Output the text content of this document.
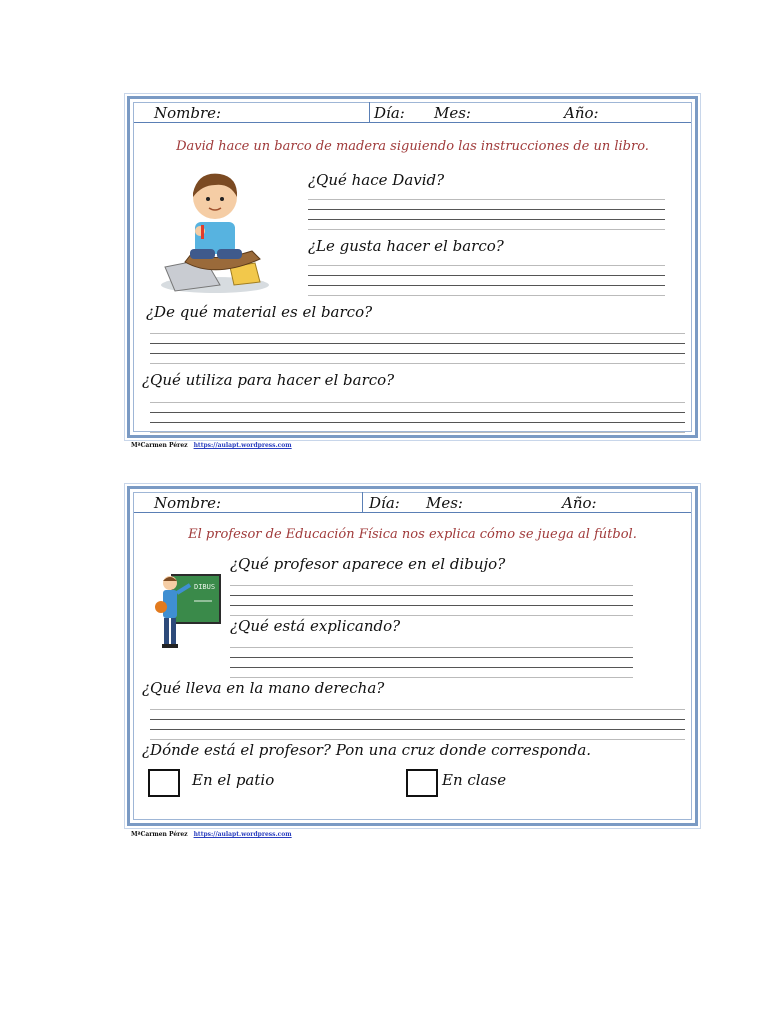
Nombre:	Día: Mes:	Año:
David hace un barco de madera siguiendo las instrucciones de un libro.
¿Qué hace David?
¿Le gusta hacer el barco?
¿De qué material es el barco?
¿Qué utiliza para hacer el barco?
MªCarmen Pérez https://aulapt.wordpress.com
Nombre:	Día: Mes:	Año:
El profesor de Educación Física nos explica cómo se juega al fútbol.
DIBUS
¿Qué profesor aparece en el dibujo?
¿Qué está explicando?
¿Qué lleva en la mano derecha?
¿Dónde está el profesor? Pon una cruz donde corresponda.
En el patio	En clase
MªCarmen Pérez https://aulapt.wordpress.com
